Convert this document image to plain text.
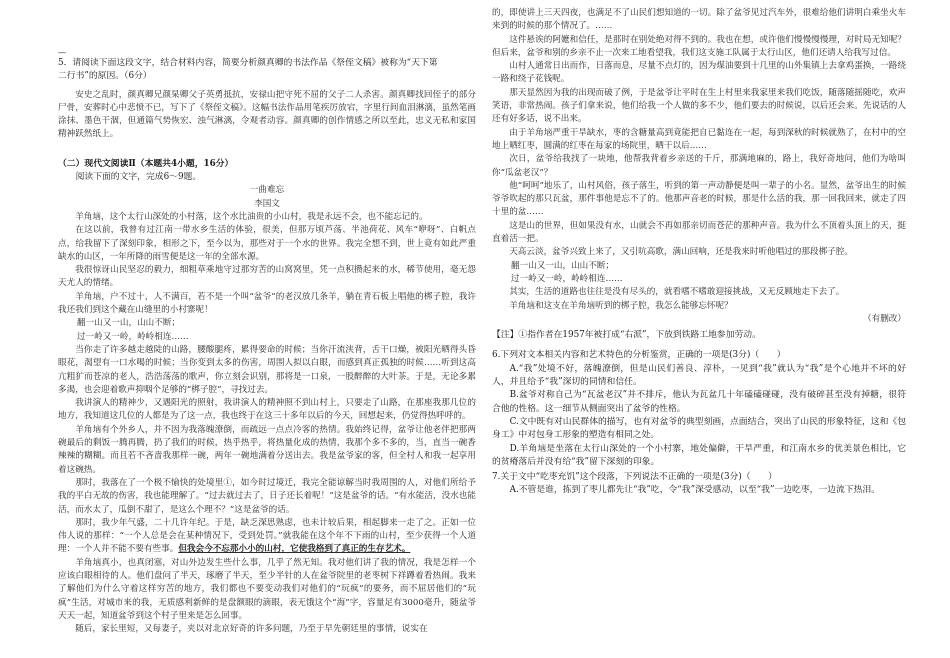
—

5．请阅读下面这段文字，结合材料内容，简要分析颜真卿的书法作品《祭侄文稿》被称为“天下第

二行书”的原因。（6分）

安史之乱时，颜真卿兄颜杲卿父子英勇抵抗，安禄山把守死不屈的父子二人杀害。颜真卿找回侄子的部分尸骨，安葬时心中悲愤不已，写下了《祭侄文稿》。这幅书法作品用笔疾厉放宕，字里行间血泪淋漓，虽然笔画涂抹、墨色干涸，但通篇气势恢宏、浊气淋漓，令观者动容。颜真卿的创作情感之所以至此，忠义无私和家国精神跃然纸上。

（二）现代文阅读Ⅱ（本题共4小题，16分）

阅读下面的文字，完成6～9题。

一曲难忘

李国文

羊角垴，这个太行山深处的小村落，这个水比油贵的小山村，我是永远不会，也不能忘记的。

在这以前，我曾有过江南一带水乡生活的体验，很美，但那万顷芦荡、半池荷花、风车“咿呀”、白帆点点，给我留下了深刻印象，相形之下，至今以为，那些对于一个水的世界。我完全想不到，世上竟有如此严重缺水的山区，一年所降的雨雪便是这一年的全部水源。

我很惊讶山民坚忍的毅力，细粗草乘地守过那穷苦的山窝窝里，凭一点积攒起来的水，稀节使用，毫无怨天尤人的情绪。

羊角垴，户不过十，人不满百，若不是一个叫“盆爷”的老汉放几条羊，躺在青石板上唱他的梆子腔，我许我还我们到这个藏在山缝里的小村寨呢！

翻一山又一山，山山不断；

过一岭又一岭，岭岭相连……

当你走了许多越走越陡的山路，腰酸腿疼，累得要命的时候；当你汗流浃背，舌干口燥，被阳光晒得头昏眼花，渴望有一口水喝的时候；当你变到太多的伤害，周围人拟以白眼，而感到真正孤独的时候……听到这高亢粗犷而苍凉的老人，浩浩荡荡的歌声，你立刻会识别，那将是一口泉，一股醉醉的大叶茶。于是，无论多累多渴，也会迎着歌声抑咽个足够的“梆子腔”，寻找过去。

我讲演人的精神少，又遇阳光的照射，我讲演人的精神照不到山村上，只要走了山路，在那座我那几位的地方，我知道这几位的人都是为了这一点，我也终于在这三十多年以后的今天，回想起来，仍觉得热呼呼的。

羊角垴有个外乡人，并不因为我落魄潦倒，而疏远一点点冷客的热情。我始终记得，盆爷让他老伴把那两碗最后的剩饭一腾再腾，扔了我们的时候，热乎热乎，将热量化成的热情，我那个多不多的，当，直当一碗香辣辣的糊糊。而且若不吝啬我那样一碗，两年一碗地满着分送出去。我是盆爷家的客，但全村人和我一起享用着这碗热。

那时，我落在了一个极不愉快的处境里①，如今时过境迁，我完全能谅解当时我周围的人，对他们所给予我的平白无故的伤害，我也能理解了。“过去就过去了，日子还长着呢！”这是盆爷的话。“有水能活，没水也能活，而水太了，瓜倒不甜了，是这么个理不？”这是盆爷的话。

那时，我少年气盛，二十几许年纪。于是，缺乏深思熟虑，也未计较后果，相起脚来一走了之。正如一位伟人说的那样：“一个人总是会在某种情况下，受到处罚。”就我能在这个年不下雨的山村，至少获得一个人道理：一个人并不能不要有些事。但我会今不忘那小小的山村，它使我格到了真正的生存艺术。

羊角垴真小，也真闭塞，对山外边发生些什么事，几乎了然无知。我对他们讲了我的情况，我是怎样一个应该白眼相待的人。他们盘问了半天，琢磨了半天，至少半针的人在盆爷院里的老枣树下祥蹲着看热闹。我来了解他们为什么守着这样穷苦的地方，我们都也不要变动我们对他们的“玩疯”的要务，而不屈居他们的“玩疯”生活，对城市来的我，无质感利新鲜的是盘额眼的滴眼，表无饿这个“海”字，容量足有3000毫升，随盆爷天天一起，知道盆爷到这个村子里来是怎么回事。

随后，家长里短，又每妻子，夹以对北京好奇的许多问题，乃至于早先朝廷里的事情，说实在

的，即使讲上三天四夜，也满足不了山民们想知道的一切。除了盆爷见过汽车外，很难给他们讲明白乘坐火车来到的时候的那个情况了。……

这件悬诶的阿嬷和信任，是那时在别处绝对得不到的。我也在想，或许他们慢慢慢慢理，对时局无知呢？但后来，盆爷和别的乡亲不止一次来工地看望我，我们这支施工队属于太行山区，他们还请人给我写过信。

山村人通常日出而作，日落而息，尽量不点灯的，因为煤油要到十几里的山外集镇上去拿鸡蛋换，一路绕一路和绕子花钱呢。

那天显然因为我的出现而破了例，于是盆爷让平时在生上村里来我家里来我们吃饭，随落随摇随吃，欢声笑语，非常热闹。孩子们拿来说，他们给我一个人做的多不少，他们要去的时候说，以后还会来。先说话的人还有好多话，说不出来。

由于羊角垴严重干旱缺水，枣的含糖量高到竟能把自已黏连在一起，每到深秋的时候就熟了，在村中的空地上晒红枣，圆满的红枣在每家的场院里，晒干以后……

次日，盆爷给我找了一块地，他帮我背着乡亲送的千斤，那满地麻的，路上，我好奇地问，他们为啥叫你“瓜盆老汉”？

他“呵呵”地乐了，山村风俗，孩子落生，听到的第一声动静便是叫一辈子的小名。显然，盆爷出生的时候爷爷吹起的那只瓦盆，那件事他是忘不了的。他那声音老的时候，那是什么活的我，那一回我回来，就走了四十里的盆……

这是山的世界，但如果没有水，山就会不再如那亲切而苍茫的那种声音。我为什么不顶着头顶上的天，挺直着活一把。

天高云淡，盆爷兴致上来了，又引吭高歌，满山回响，还是我来时听他唱过的那段梆子腔。

翻一山又一山，山山不断；

过一岭又一岭，岭岭相连……

其实，生活的道路也往往是没有尽头的，就看嗜不嗜敢迎接挑战，又无反顾地走下去了。

羊角垴和这支在羊角垴听到的梆子腔，我怎么能够忘怀呢？

（有删改）

【注】①指作者在1957年被打成“右派”，下放到铁路工地参加劳动。

6.下列对文本相关内容和艺术特色的分析鉴赏，正确的一项是(3分)（　　）

A.“我”处境不好，落魄潦倒，但是山民们善良、淳朴，一见到“我”就认为“我”是个心地并不坏的好人，并且给予“我”深切的同情和信任。

B.盆爷对称自己为“瓦盆老汉”并不排斥，他认为瓦盆几十年磕磕碰碰，没有破碎甚至没有掉糖，很符合他的性格。这一细节从侧面突出了盆爷的性格。

C.文中既有对山民群体的描写，也有对盆爷的典型刻画，点面结合，突出了山民的形象特征，这和《包身工》中对包身工形象的塑造有相同之处。

D.羊角垴是坐落在太行山深处的一个小村寨，地处偏僻，干旱严重，和江南水乡的优美景色相比，它的贫瘠落后并没有给“我”留下深刻的印象。

7.关于文中“吃枣充饥”这个段落，下列说法不正确的一项是(3分)（　　）

A.不管是谁，拣到了枣儿都先让“我”吃，令“我”深受感动，以至“我”一边吃枣，一边流下热泪。
